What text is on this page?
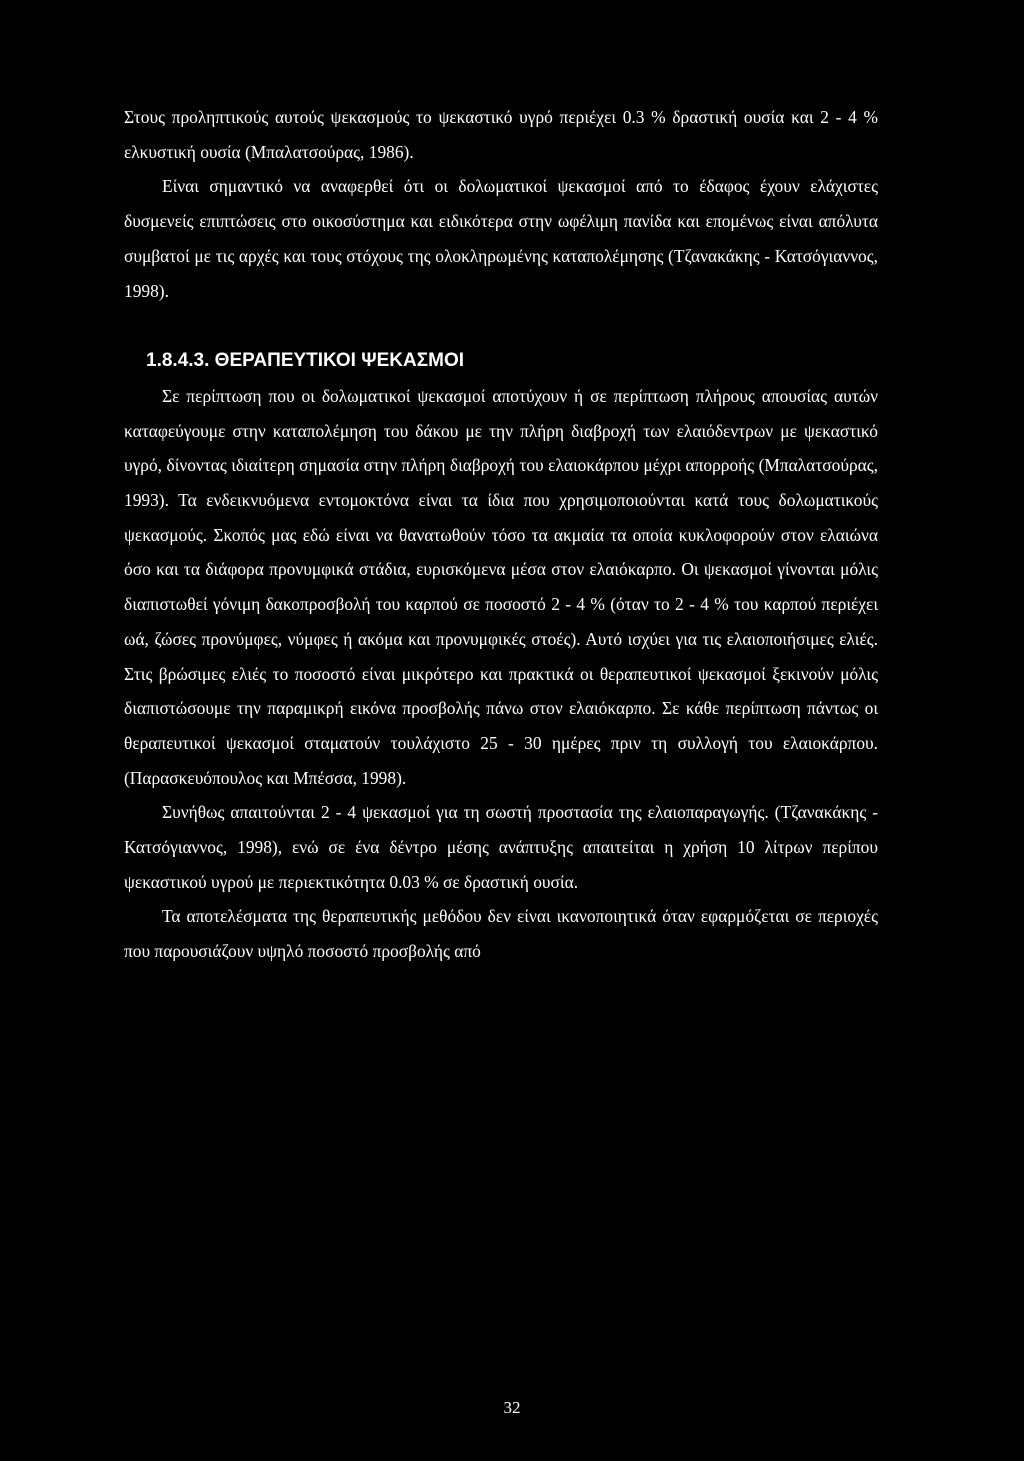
Στους προληπτικούς αυτούς ψεκασμούς το ψεκαστικό υγρό περιέχει 0.3 % δραστική ουσία και 2 - 4 % ελκυστική ουσία (Μπαλατσούρας, 1986).

Είναι σημαντικό να αναφερθεί ότι οι δολωματικοί ψεκασμοί από το έδαφος έχουν ελάχιστες δυσμενείς επιπτώσεις στο οικοσύστημα και ειδικότερα στην ωφέλιμη πανίδα και επομένως είναι απόλυτα συμβατοί με τις αρχές και τους στόχους της ολοκληρωμένης καταπολέμησης (Τζανακάκης - Κατσόγιαννος, 1998).

1.8.4.3. ΘΕΡΑΠΕΥΤΙΚΟΙ ΨΕΚΑΣΜΟΙ

Σε περίπτωση που οι δολωματικοί ψεκασμοί αποτύχουν ή σε περίπτωση πλήρους απουσίας αυτών καταφεύγουμε στην καταπολέμηση του δάκου με την πλήρη διαβροχή των ελαιόδεντρων με ψεκαστικό υγρό, δίνοντας ιδιαίτερη σημασία στην πλήρη διαβροχή του ελαιοκάρπου μέχρι απορροής (Μπαλατσούρας, 1993). Τα ενδεικνυόμενα εντομοκτόνα είναι τα ίδια που χρησιμοποιούνται κατά τους δολωματικούς ψεκασμούς. Σκοπός μας εδώ είναι να θανατωθούν τόσο τα ακμαία τα οποία κυκλοφορούν στον ελαιώνα όσο και τα διάφορα προνυμφικά στάδια, ευρισκόμενα μέσα στον ελαιόκαρπο. Οι ψεκασμοί γίνονται μόλις διαπιστωθεί γόνιμη δακοπροσβολή του καρπού σε ποσοστό 2 - 4 % (όταν το 2 - 4 % του καρπού περιέχει ωά, ζώσες προνύμφες, νύμφες ή ακόμα και προνυμφικές στοές). Αυτό ισχύει για τις ελαιοποιήσιμες ελιές. Στις βρώσιμες ελιές το ποσοστό είναι μικρότερο και πρακτικά οι θεραπευτικοί ψεκασμοί ξεκινούν μόλις διαπιστώσουμε την παραμικρή εικόνα προσβολής πάνω στον ελαιόκαρπο. Σε κάθε περίπτωση πάντως οι θεραπευτικοί ψεκασμοί σταματούν τουλάχιστο 25 - 30 ημέρες πριν τη συλλογή του ελαιοκάρπου. (Παρασκευόπουλος και Μπέσσα, 1998).

Συνήθως απαιτούνται 2 - 4 ψεκασμοί για τη σωστή προστασία της ελαιοπαραγωγής. (Τζανακάκης - Κατσόγιαννος, 1998), ενώ σε ένα δέντρο μέσης ανάπτυξης απαιτείται η χρήση 10 λίτρων περίπου ψεκαστικού υγρού με περιεκτικότητα 0.03 % σε δραστική ουσία.

Τα αποτελέσματα της θεραπευτικής μεθόδου δεν είναι ικανοποιητικά όταν εφαρμόζεται σε περιοχές που παρουσιάζουν υψηλό ποσοστό προσβολής από

32
